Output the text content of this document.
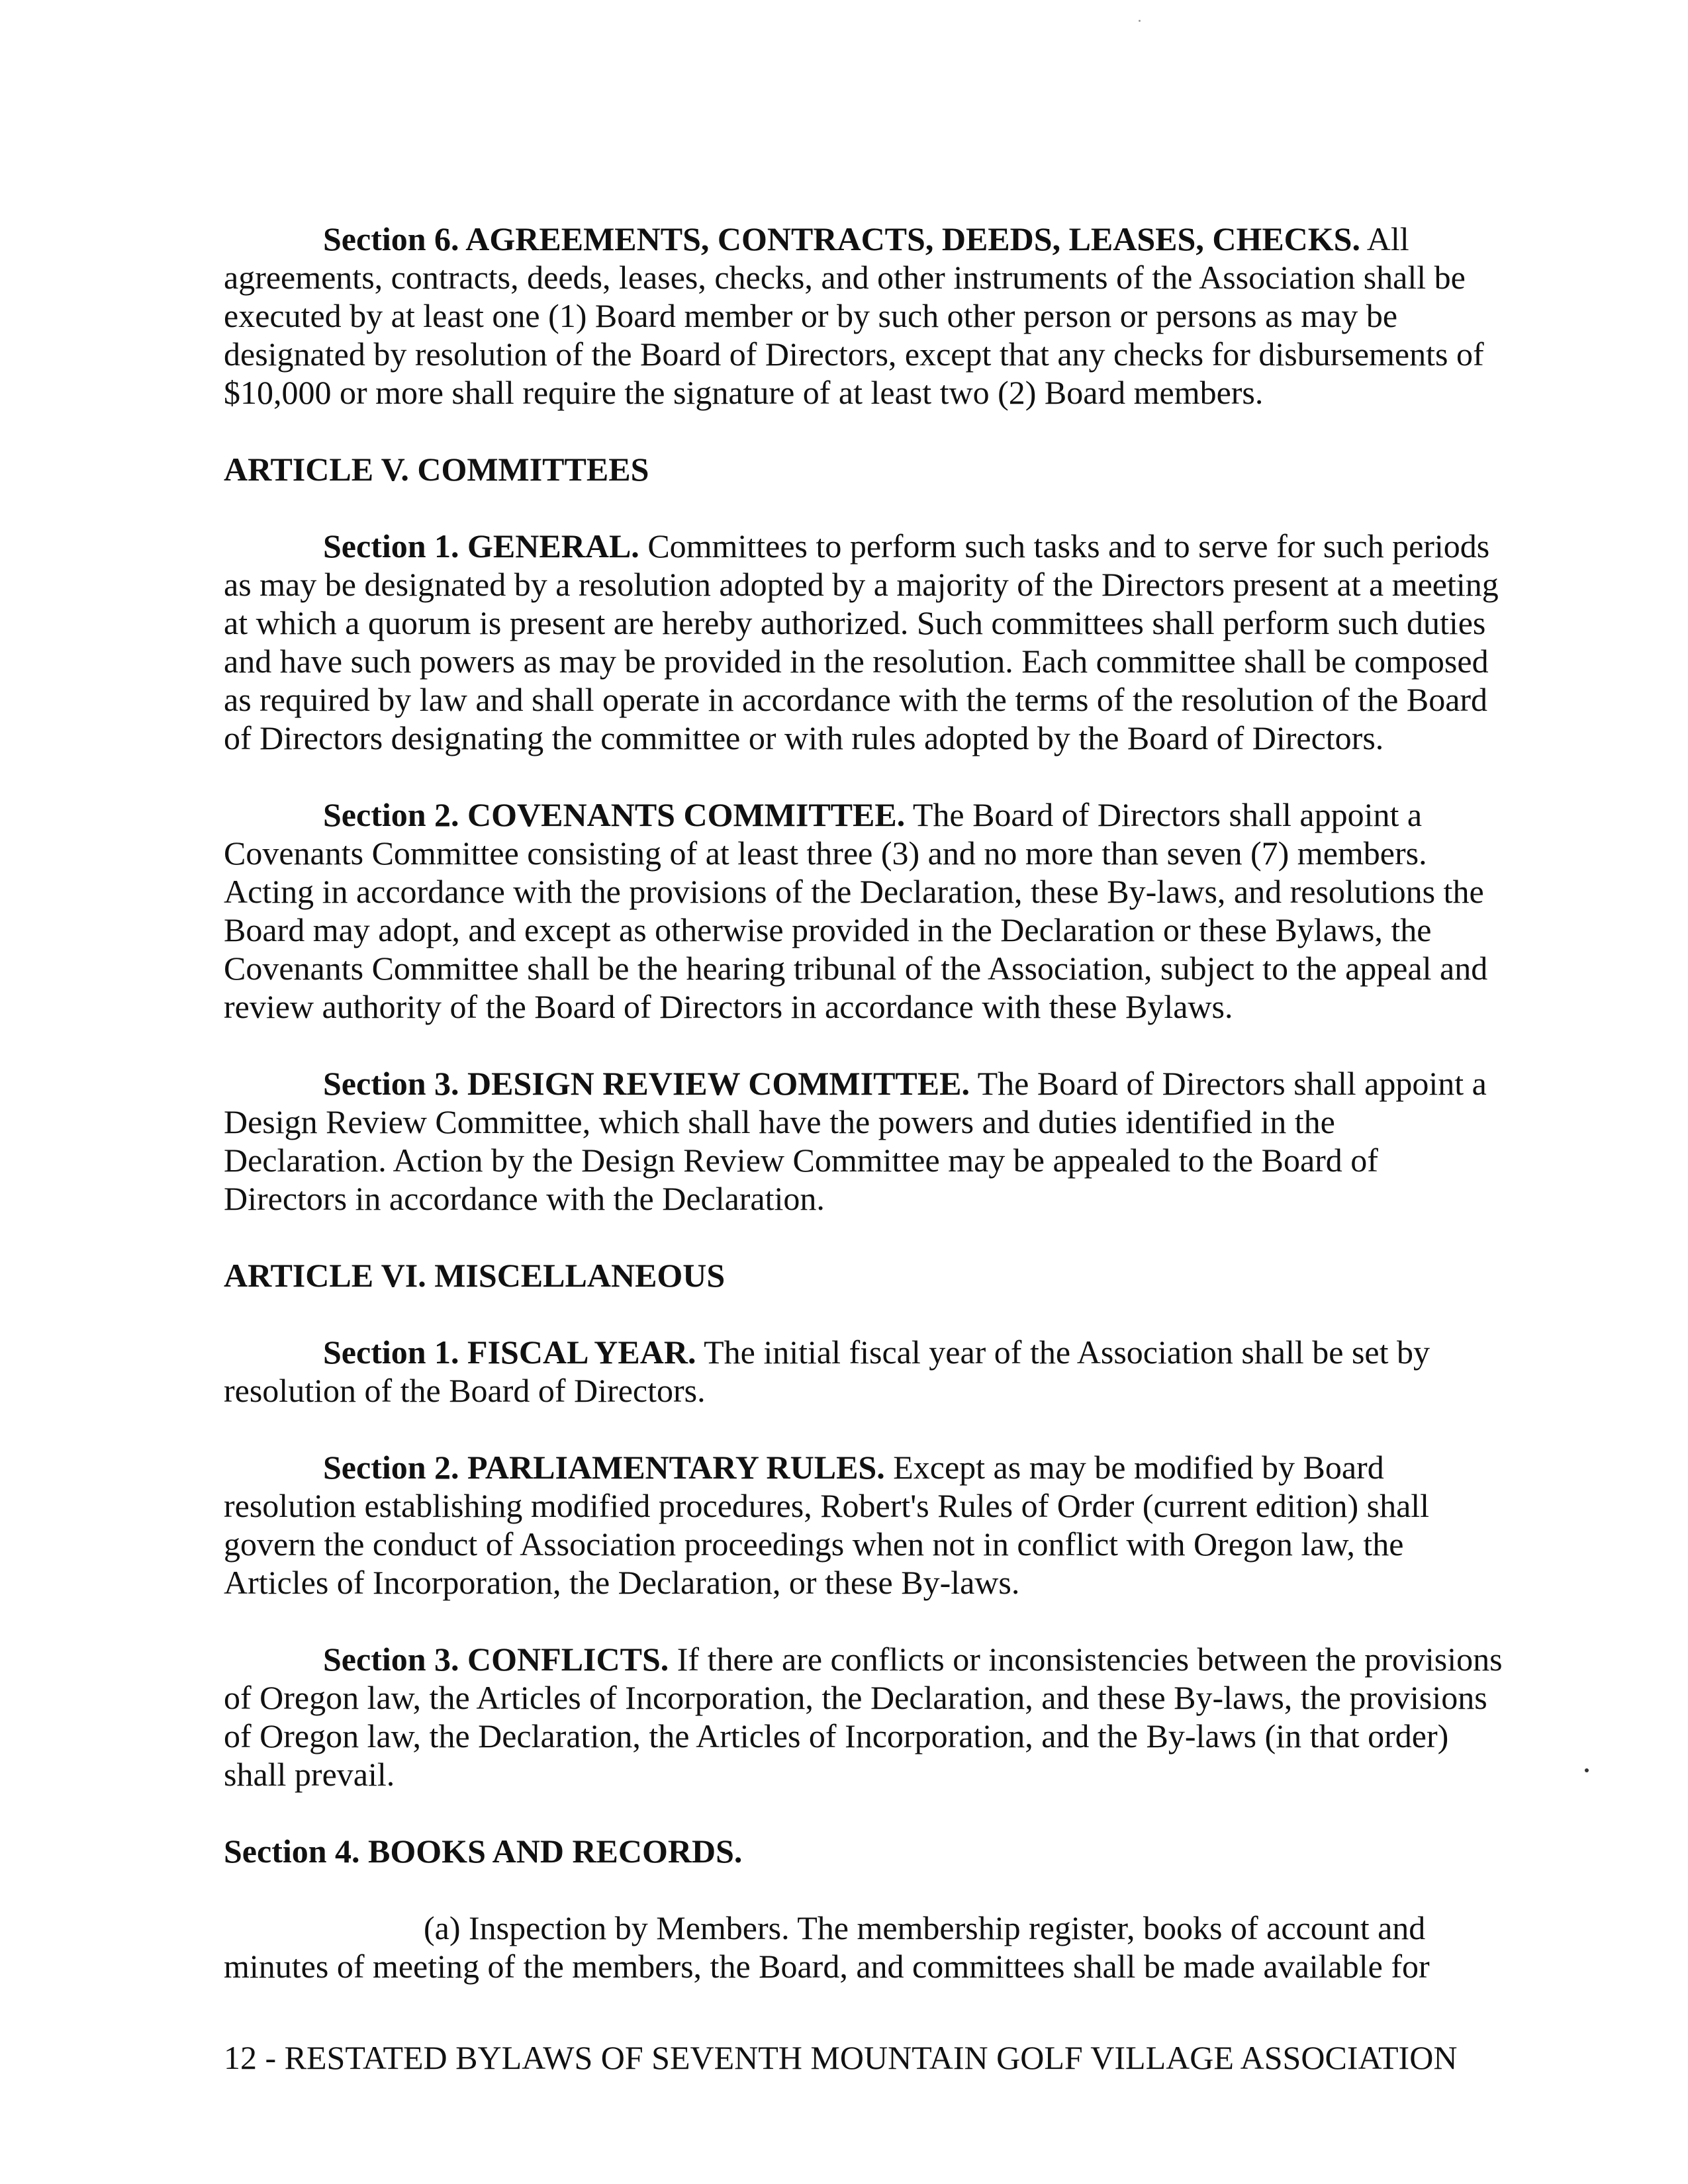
Section 6. AGREEMENTS, CONTRACTS, DEEDS, LEASES, CHECKS. All agreements, contracts, deeds, leases, checks, and other instruments of the Association shall be executed by at least one (1) Board member or by such other person or persons as may be designated by resolution of the Board of Directors, except that any checks for disbursements of $10,000 or more shall require the signature of at least two (2) Board members.

ARTICLE V. COMMITTEES

Section 1. GENERAL. Committees to perform such tasks and to serve for such periods as may be designated by a resolution adopted by a majority of the Directors present at a meeting at which a quorum is present are hereby authorized. Such committees shall perform such duties and have such powers as may be provided in the resolution. Each committee shall be composed as required by law and shall operate in accordance with the terms of the resolution of the Board of Directors designating the committee or with rules adopted by the Board of Directors.

Section 2. COVENANTS COMMITTEE. The Board of Directors shall appoint a Covenants Committee consisting of at least three (3) and no more than seven (7) members. Acting in accordance with the provisions of the Declaration, these By-laws, and resolutions the Board may adopt, and except as otherwise provided in the Declaration or these Bylaws, the Covenants Committee shall be the hearing tribunal of the Association, subject to the appeal and review authority of the Board of Directors in accordance with these Bylaws.

Section 3. DESIGN REVIEW COMMITTEE. The Board of Directors shall appoint a Design Review Committee, which shall have the powers and duties identified in the Declaration. Action by the Design Review Committee may be appealed to the Board of Directors in accordance with the Declaration.

ARTICLE VI. MISCELLANEOUS

Section 1. FISCAL YEAR. The initial fiscal year of the Association shall be set by resolution of the Board of Directors.

Section 2. PARLIAMENTARY RULES. Except as may be modified by Board resolution establishing modified procedures, Robert's Rules of Order (current edition) shall govern the conduct of Association proceedings when not in conflict with Oregon law, the Articles of Incorporation, the Declaration, or these By-laws.

Section 3. CONFLICTS. If there are conflicts or inconsistencies between the provisions of Oregon law, the Articles of Incorporation, the Declaration, and these By-laws, the provisions of Oregon law, the Declaration, the Articles of Incorporation, and the By-laws (in that order) shall prevail.

Section 4. BOOKS AND RECORDS.

(a) Inspection by Members. The membership register, books of account and minutes of meeting of the members, the Board, and committees shall be made available for

12 - RESTATED BYLAWS OF SEVENTH MOUNTAIN GOLF VILLAGE ASSOCIATION
